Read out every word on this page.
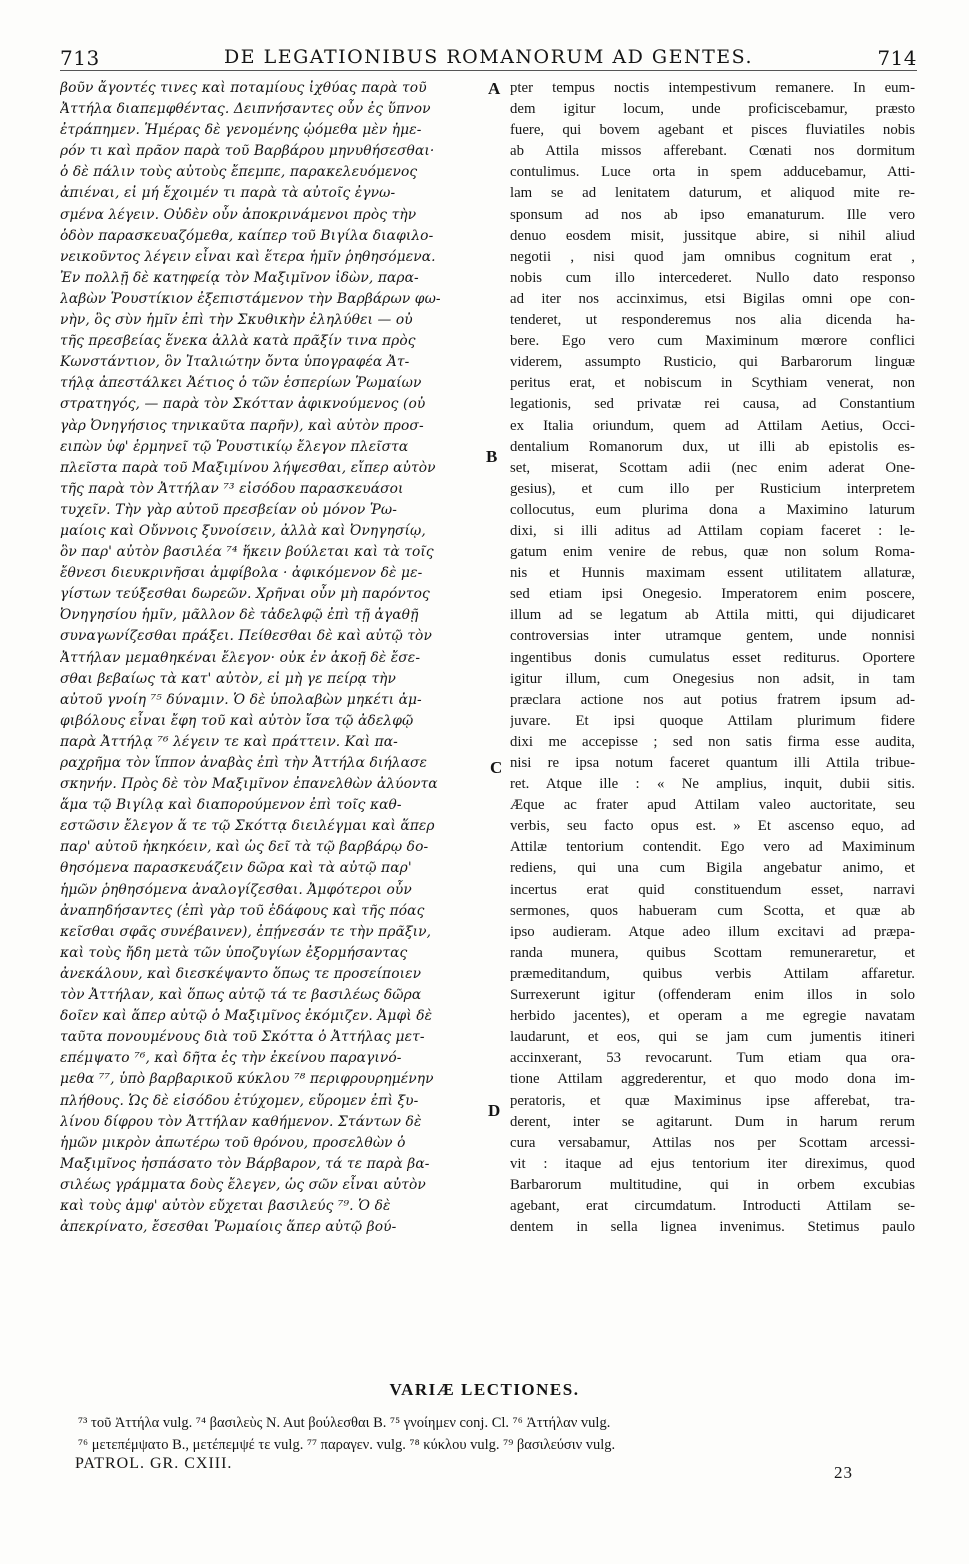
713	DE LEGATIONIBUS ROMANORUM AD GENTES.	714
βοῦν ἄγοντές τινες καὶ ποταμίους ἰχθύας παρὰ τοῦ
Ἀττήλα διαπεμφθέντας. Δειπνήσαντες οὖν ἐς ὕπνον
ἐτράπημεν. Ἡμέρας δὲ γενομένης ᾠόμεθα μὲν ἠμε-
ρόν τι καὶ πρᾶον παρὰ τοῦ Βαρβάρου μηνυθήσεσθαι·
ὁ δὲ πάλιν τοὺς αὐτοὺς ἔπεμπε, παρακελευόμενος
ἀπιέναι, εἰ μή ἔχοιμέν τι παρὰ τὰ αὐτοῖς ἐγνω-
σμένα λέγειν. Οὐδὲν οὖν ἀποκρινάμενοι πρὸς τὴν
ὁδὸν παρασκευαζόμεθα, καίπερ τοῦ Βιγίλα διαφιλο-
νεικοῦντος λέγειν εἶναι καὶ ἕτερα ἡμῖν ῥηθησόμενα.
Ἐν πολλῇ δὲ κατηφείᾳ τὸν Μαξιμῖνον ἰδὼν, παρα-
λαβὼν Ῥουστίκιον ἐξεπιστάμενον τὴν Βαρβάρων φω-
νὴν, ὃς σὺν ἡμῖν ἐπὶ τὴν Σκυθικὴν ἐληλύθει — οὐ
τῆς πρεσβείας ἕνεκα ἀλλὰ κατὰ πρᾶξίν τινα πρὸς
Κωνστάντιον, ὃν Ἰταλιώτην ὄντα ὑπογραφέα Ἀτ-
τήλᾳ ἀπεστάλκει Ἀέτιος ὁ τῶν ἑσπερίων Ῥωμαίων
στρατηγός, — παρὰ τὸν Σκότταν ἀφικνούμενος (οὐ
γὰρ Ὀνηγήσιος τηνικαῦτα παρῆν), καὶ αὐτὸν προσ-
ειπὼν ὑφ' ἑρμηνεῖ τῷ Ῥουστικίῳ ἔλεγον πλεῖστα
πλεῖστα παρὰ τοῦ Μαξιμίνου λήψεσθαι, εἴπερ αὐτὸν
τῆς παρὰ τὸν Ἀττήλαν ⁷³ εἰσόδου παρασκευάσοι
τυχεῖν. Τὴν γὰρ αὐτοῦ πρεσβείαν οὐ μόνον Ῥω-
μαίοις καὶ Οὔννοις ξυνοίσειν, ἀλλὰ καὶ Ὀνηγησίῳ,
ὃν παρ' αὐτὸν βασιλέα ⁷⁴ ἥκειν βούλεται καὶ τὰ τοῖς
ἔθνεσι διευκρινῆσαι ἀμφίβολα · ἀφικόμενον δὲ με-
γίστων τεύξεσθαι δωρεῶν. Χρῆναι οὖν μὴ παρόντος
Ὀνηγησίου ἡμῖν, μᾶλλον δὲ τἀδελφῷ ἐπὶ τῇ ἀγαθῇ
συναγωνίζεσθαι πράξει. Πείθεσθαι δὲ καὶ αὐτῷ τὸν
Ἀττήλαν μεμαθηκέναι ἔλεγον· οὐκ ἐν ἀκοῇ δὲ ἔσε-
σθαι βεβαίως τὰ κατ' αὐτὸν, εἰ μὴ γε πείρᾳ τὴν
αὐτοῦ γνοίη ⁷⁵ δύναμιν. Ὁ δὲ ὑπολαβὼν μηκέτι ἀμ-
φιβόλους εἶναι ἔφη τοῦ καὶ αὐτὸν ἴσα τῷ ἀδελφῷ
παρὰ Ἀττήλᾳ ⁷⁶ λέγειν τε καὶ πράττειν. Καὶ πα-
ραχρῆμα τὸν ἵππον ἀναβὰς ἐπὶ τὴν Ἀττήλα διήλασε
σκηνήν. Πρὸς δὲ τὸν Μαξιμῖνον ἐπανελθὼν ἀλύοντα
ἅμα τῷ Βιγίλᾳ καὶ διαπορούμενον ἐπὶ τοῖς καθ-
εστῶσιν ἔλεγον ἅ τε τῷ Σκόττᾳ διειλέγμαι καὶ ἅπερ
παρ' αὐτοῦ ἠκηκόειν, καὶ ὡς δεῖ τὰ τῷ βαρβάρῳ δο-
θησόμενα παρασκευάζειν δῶρα καὶ τὰ αὐτῷ παρ'
ἡμῶν ῥηθησόμενα ἀναλογίζεσθαι. Ἀμφότεροι οὖν
ἀναπηδήσαντες (ἐπὶ γὰρ τοῦ ἐδάφους καὶ τῆς πόας
κεῖσθαι σφᾶς συνέβαινεν), ἐπῄνεσάν τε τὴν πρᾶξιν,
καὶ τοὺς ἤδη μετὰ τῶν ὑποζυγίων ἐξορμήσαντας
ἀνεκάλουν, καὶ διεσκέψαντο ὅπως τε προσείποιεν
τὸν Ἀττήλαν, καὶ ὅπως αὐτῷ τά τε βασιλέως δῶρα
δοῖεν καὶ ἅπερ αὐτῷ ὁ Μαξιμῖνος ἐκόμιζεν. Ἀμφὶ δὲ
ταῦτα πονουμένους διὰ τοῦ Σκόττα ὁ Ἀττήλας μετ-
επέμψατο ⁷⁶, καὶ δῆτα ἐς τὴν ἐκείνου παραγινό-
μεθα ⁷⁷, ὑπὸ βαρβαρικοῦ κύκλου ⁷⁸ περιφρουρημένην
πλήθους. Ὡς δὲ εἰσόδου ἐτύχομεν, εὕρομεν ἐπὶ ξυ-
λίνου δίφρου τὸν Ἀττήλαν καθήμενον. Στάντων δὲ
ἡμῶν μικρὸν ἀπωτέρω τοῦ θρόνου, προσελθὼν ὁ
Μαξιμῖνος ἠσπάσατο τὸν Βάρβαρον, τά τε παρὰ βα-
σιλέως γράμματα δοὺς ἔλεγεν, ὡς σῶν εἶναι αὐτὸν
καὶ τοὺς ἀμφ' αὐτὸν εὔχεται βασιλεύς ⁷⁹. Ὁ δὲ
ἀπεκρίνατο, ἔσεσθαι Ῥωμαίοις ἅπερ αὐτῷ βού-
A
B
C
D
pter tempus noctis intempestivum remanere. In eum-
dem igitur locum, unde proficiscebamur, præsto
fuere, qui bovem agebant et pisces fluviatiles nobis
ab Attila missos afferebant. Cœnati nos dormitum
contulimus. Luce orta in spem adducebamur, Atti-
lam se ad lenitatem daturum, et aliquod mite re-
sponsum ad nos ab ipso emanaturum. Ille vero
denuo eosdem misit, jussitque abire, si nihil aliud
negotii , nisi quod jam omnibus cognitum erat ,
nobis cum illo intercederet. Nullo dato responso
ad iter nos accinximus, etsi Bigilas omni ope con-
tenderet, ut responderemus nos alia dicenda ha-
bere. Ego vero cum Maximinum mœrore conflici
viderem, assumpto Rusticio, qui Barbarorum linguæ
peritus erat, et nobiscum in Scythiam venerat, non
legationis, sed privatæ rei causa, ad Constantium
ex Italia oriundum, quem ad Attilam Aetius, Occi-
dentalium Romanorum dux, ut illi ab epistolis es-
set, miserat, Scottam adii (nec enim aderat One-
gesius), et cum illo per Rusticium interpretem
collocutus, eum plurima dona a Maximino laturum
dixi, si illi aditus ad Attilam copiam faceret : le-
gatum enim venire de rebus, quæ non solum Roma-
nis et Hunnis maximam essent utilitatem allaturæ,
sed etiam ipsi Onegesio. Imperatorem enim poscere,
illum ad se legatum ab Attila mitti, qui dijudicaret
controversias inter utramque gentem, unde nonnisi
ingentibus donis cumulatus esset rediturus. Oportere
igitur illum, cum Onegesius non adsit, in tam
præclara actione nos aut potius fratrem ipsum ad-
juvare. Et ipsi quoque Attilam plurimum fidere
dixi me accepisse ; sed non satis firma esse audita,
nisi re ipsa notum faceret quantum illi Attila tribue-
ret. Atque ille : « Ne amplius, inquit, dubii sitis.
Æque ac frater apud Attilam valeo auctoritate, seu
verbis, seu facto opus est. » Et ascenso equo, ad
Attilæ tentorium contendit. Ego vero ad Maximinum
rediens, qui una cum Bigila angebatur animo, et
incertus erat quid constituendum esset, narravi
sermones, quos habueram cum Scotta, et quæ ab
ipso audieram. Atque adeo illum excitavi ad præpa-
randa munera, quibus Scottam remuneraretur, et
præmeditandum, quibus verbis Attilam affaretur.
Surrexerunt igitur (offenderam enim illos in solo
herbido jacentes), et operam a me egregie navatam
laudarunt, et eos, qui se jam cum jumentis itineri
accinxerant, 53 revocarunt. Tum etiam qua ora-
tione Attilam aggrederentur, et quo modo dona im-
peratoris, et quæ Maximinus ipse afferebat, tra-
derent, inter se agitarunt. Dum in harum rerum
cura versabamur, Attilas nos per Scottam arcessi-
vit : itaque ad ejus tentorium iter direximus, quod
Barbarorum multitudine, qui in orbem excubias
agebant, erat circumdatum. Introducti Attilam se-
dentem in sella lignea invenimus. Stetimus paulo
VARIÆ LECTIONES.
⁷³ τοῦ Ἀττήλα vulg. ⁷⁴ βασιλεὺς N. Aut βούλεσθαι B. ⁷⁵ γνοίημεν conj. Cl. ⁷⁶ Ἀττήλαν vulg.
⁷⁶ μετεπέμψατο B., μετέπεμψέ τε vulg. ⁷⁷ παραγεν. vulg. ⁷⁸ κύκλου vulg. ⁷⁹ βασιλεύσιν vulg.
PATROL. GR. CXIII.	23
